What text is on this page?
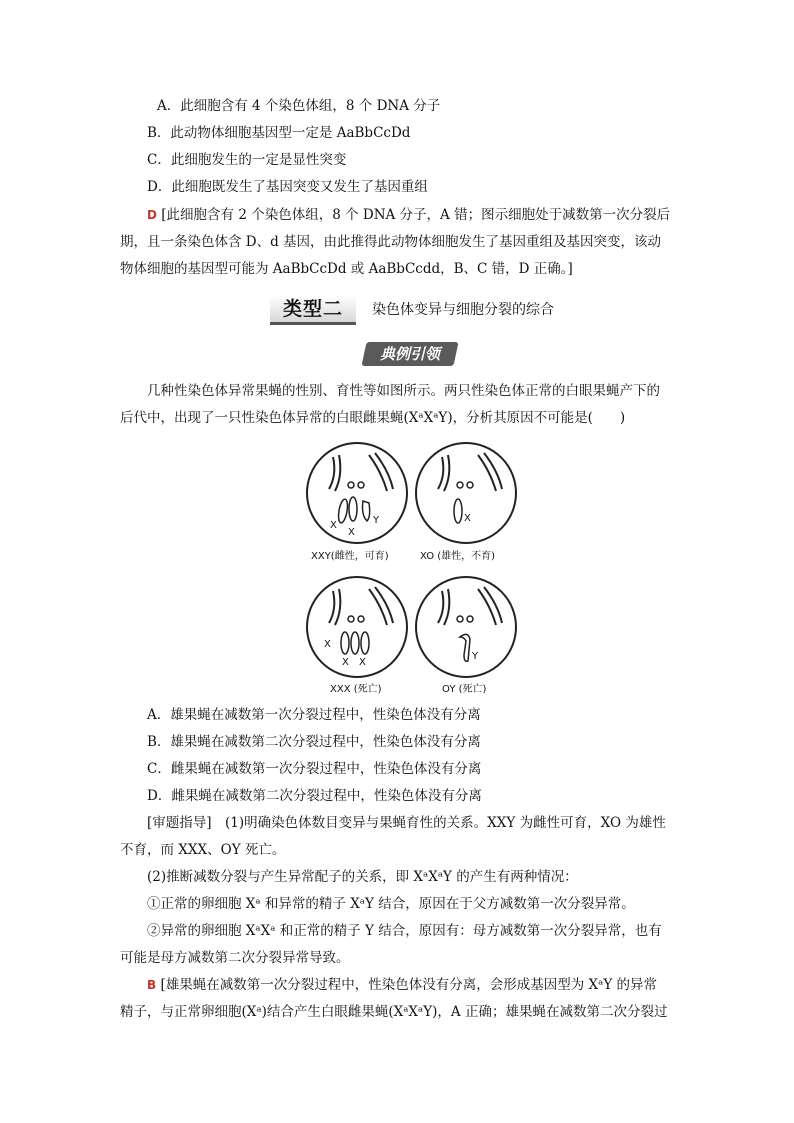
A．此细胞含有 4 个染色体组，8 个 DNA 分子
B．此动物体细胞基因型一定是 AaBbCcDd
C．此细胞发生的一定是显性突变
D．此细胞既发生了基因突变又发生了基因重组
D [此细胞含有 2 个染色体组，8 个 DNA 分子，A 错；图示细胞处于减数第一次分裂后
期，且一条染色体含 D、d 基因，由此推得此动物体细胞发生了基因重组及基因突变，该动
物体细胞的基因型可能为 AaBbCcDd 或 AaBbCcdd，B、C 错，D 正确。]
类型二	染色体变异与细胞分裂的综合
典例引领
几种性染色体异常果蝇的性别、育性等如图所示。两只性染色体正常的白眼果蝇产下的
后代中，出现了一只性染色体异常的白眼雌果蝇(XᵃXᵃY)，分析其原因不可能是(　　)
X
X
Y
XXY(雌性，可育)
X
XO (雄性，不育)
X
X X
XXX (死亡)
Y
OY (死亡)
A．雄果蝇在减数第一次分裂过程中，性染色体没有分离
B．雄果蝇在减数第二次分裂过程中，性染色体没有分离
C．雌果蝇在减数第一次分裂过程中，性染色体没有分离
D．雌果蝇在减数第二次分裂过程中，性染色体没有分离
[审题指导]　(1)明确染色体数目变异与果蝇育性的关系。XXY 为雌性可育，XO 为雄性
不育，而 XXX、OY 死亡。
(2)推断减数分裂与产生异常配子的关系，即 XᵃXᵃY 的产生有两种情况：
①正常的卵细胞 Xᵃ 和异常的精子 XᵃY 结合，原因在于父方减数第一次分裂异常。
②异常的卵细胞 XᵃXᵃ 和正常的精子 Y 结合，原因有：母方减数第一次分裂异常，也有
可能是母方减数第二次分裂异常导致。
B [雄果蝇在减数第一次分裂过程中，性染色体没有分离，会形成基因型为 XᵃY 的异常
精子，与正常卵细胞(Xᵃ)结合产生白眼雌果蝇(XᵃXᵃY)，A 正确；雄果蝇在减数第二次分裂过
